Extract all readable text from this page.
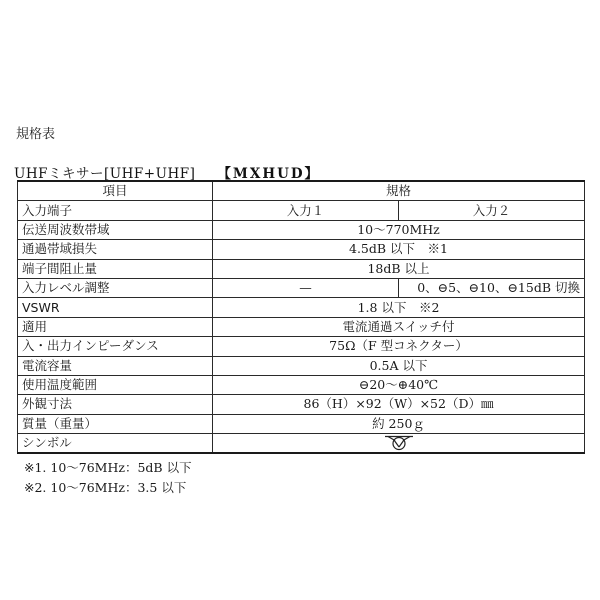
規格表
UHFミキサー[UHF+UHF] 【MXHUD】
項目	規格	
入力端子	入力１	入力２
伝送周波数帯域	10〜770MHz	
通過帯域損失	4.5dB 以下　※1	
端子間阻止量	18dB 以上	
入力レベル調整	—	0、⊖5、⊖10、⊖15dB 切換
VSWR	1.8 以下　※2	
適用	電流通過スイッチ付	
入・出力インピーダンス	75Ω（F 型コネクター）	
電流容量	0.5A 以下	
使用温度範囲	⊖20〜⊕40℃	
外観寸法	86（H）×92（W）×52（D）㎜	
質量（重量）	約 250ｇ	
シンボル	
※1. 10〜76MHz：5dB 以下
※2. 10〜76MHz：3.5 以下
